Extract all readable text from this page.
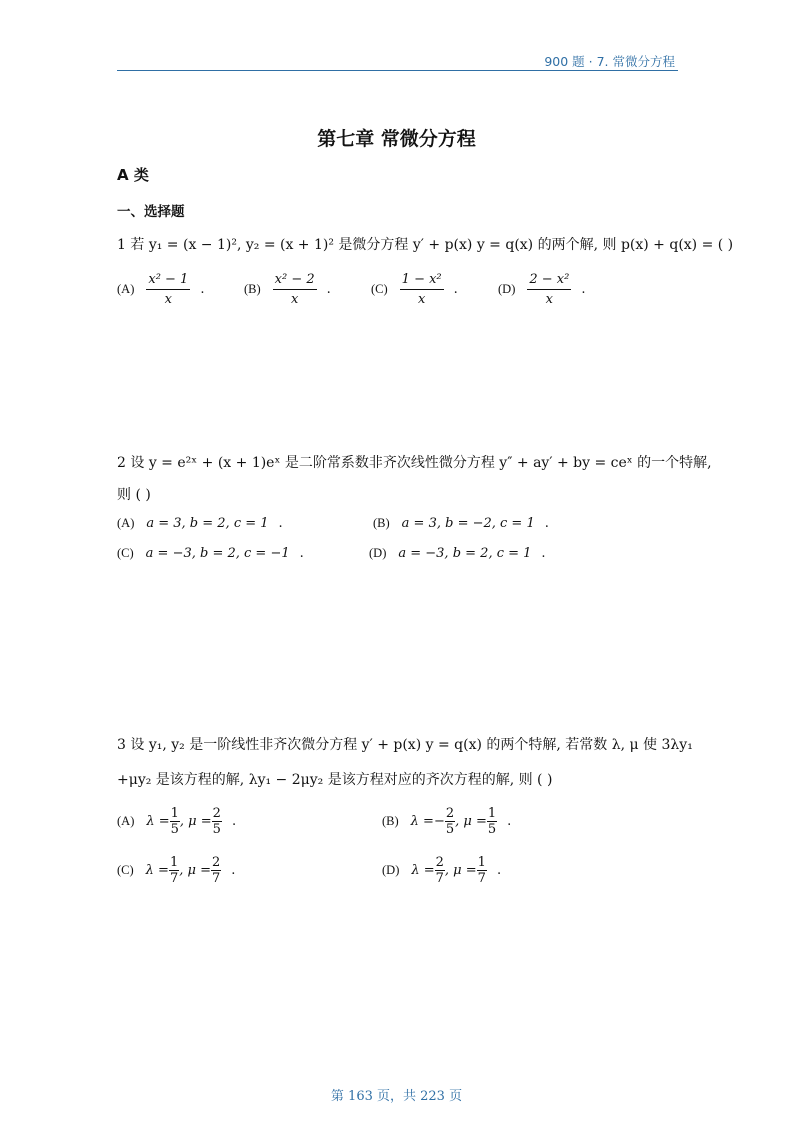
900 题 · 7. 常微分方程
第七章 常微分方程
A 类
一、选择题
1 若 y₁ = (x − 1)², y₂ = (x + 1)² 是微分方程 y′ + p(x) y = q(x) 的两个解, 则 p(x) + q(x) = ( )
$(A) \frac{\text{x² − 1}}{x}$ .	$(B) \frac{\text{x² − 2}}{x}$ .	$(C) \frac{\text{1 − x²}}{x}$ .	$(D) \frac{\text{2 − x²}}{x}$ .
2 设 y = e²ˣ + (x + 1)eˣ 是二阶常系数非齐次线性微分方程 y″ + ay′ + by = ceˣ 的一个特解,
则 ( )
(A) a = 3, b = 2, c = 1 .	(B) a = 3, b = −2, c = 1 .
(C) a = −3, b = 2, c = −1 .	(D) a = −3, b = 2, c = 1 .
3 设 y₁, y₂ 是一阶线性非齐次微分方程 y′ + p(x) y = q(x) 的两个特解, 若常数 λ, μ 使 3λy₁
+μy₂ 是该方程的解, λy₁ − 2μy₂ 是该方程对应的齐次方程的解, 则 ( )
(A) $\lambda = \frac{1}{5}$ , $\mu = \frac{2}{5}$ .	(B) λ = − $\frac{2}{5}$ , $\mu = \frac{1}{5}$ .
(C) $\lambda = \frac{1}{7}$ , $\mu = \frac{2}{7}$ .	(D) $\lambda = \frac{2}{7}$ , $\mu = \frac{1}{7}$ .
第 163 页，共 223 页
